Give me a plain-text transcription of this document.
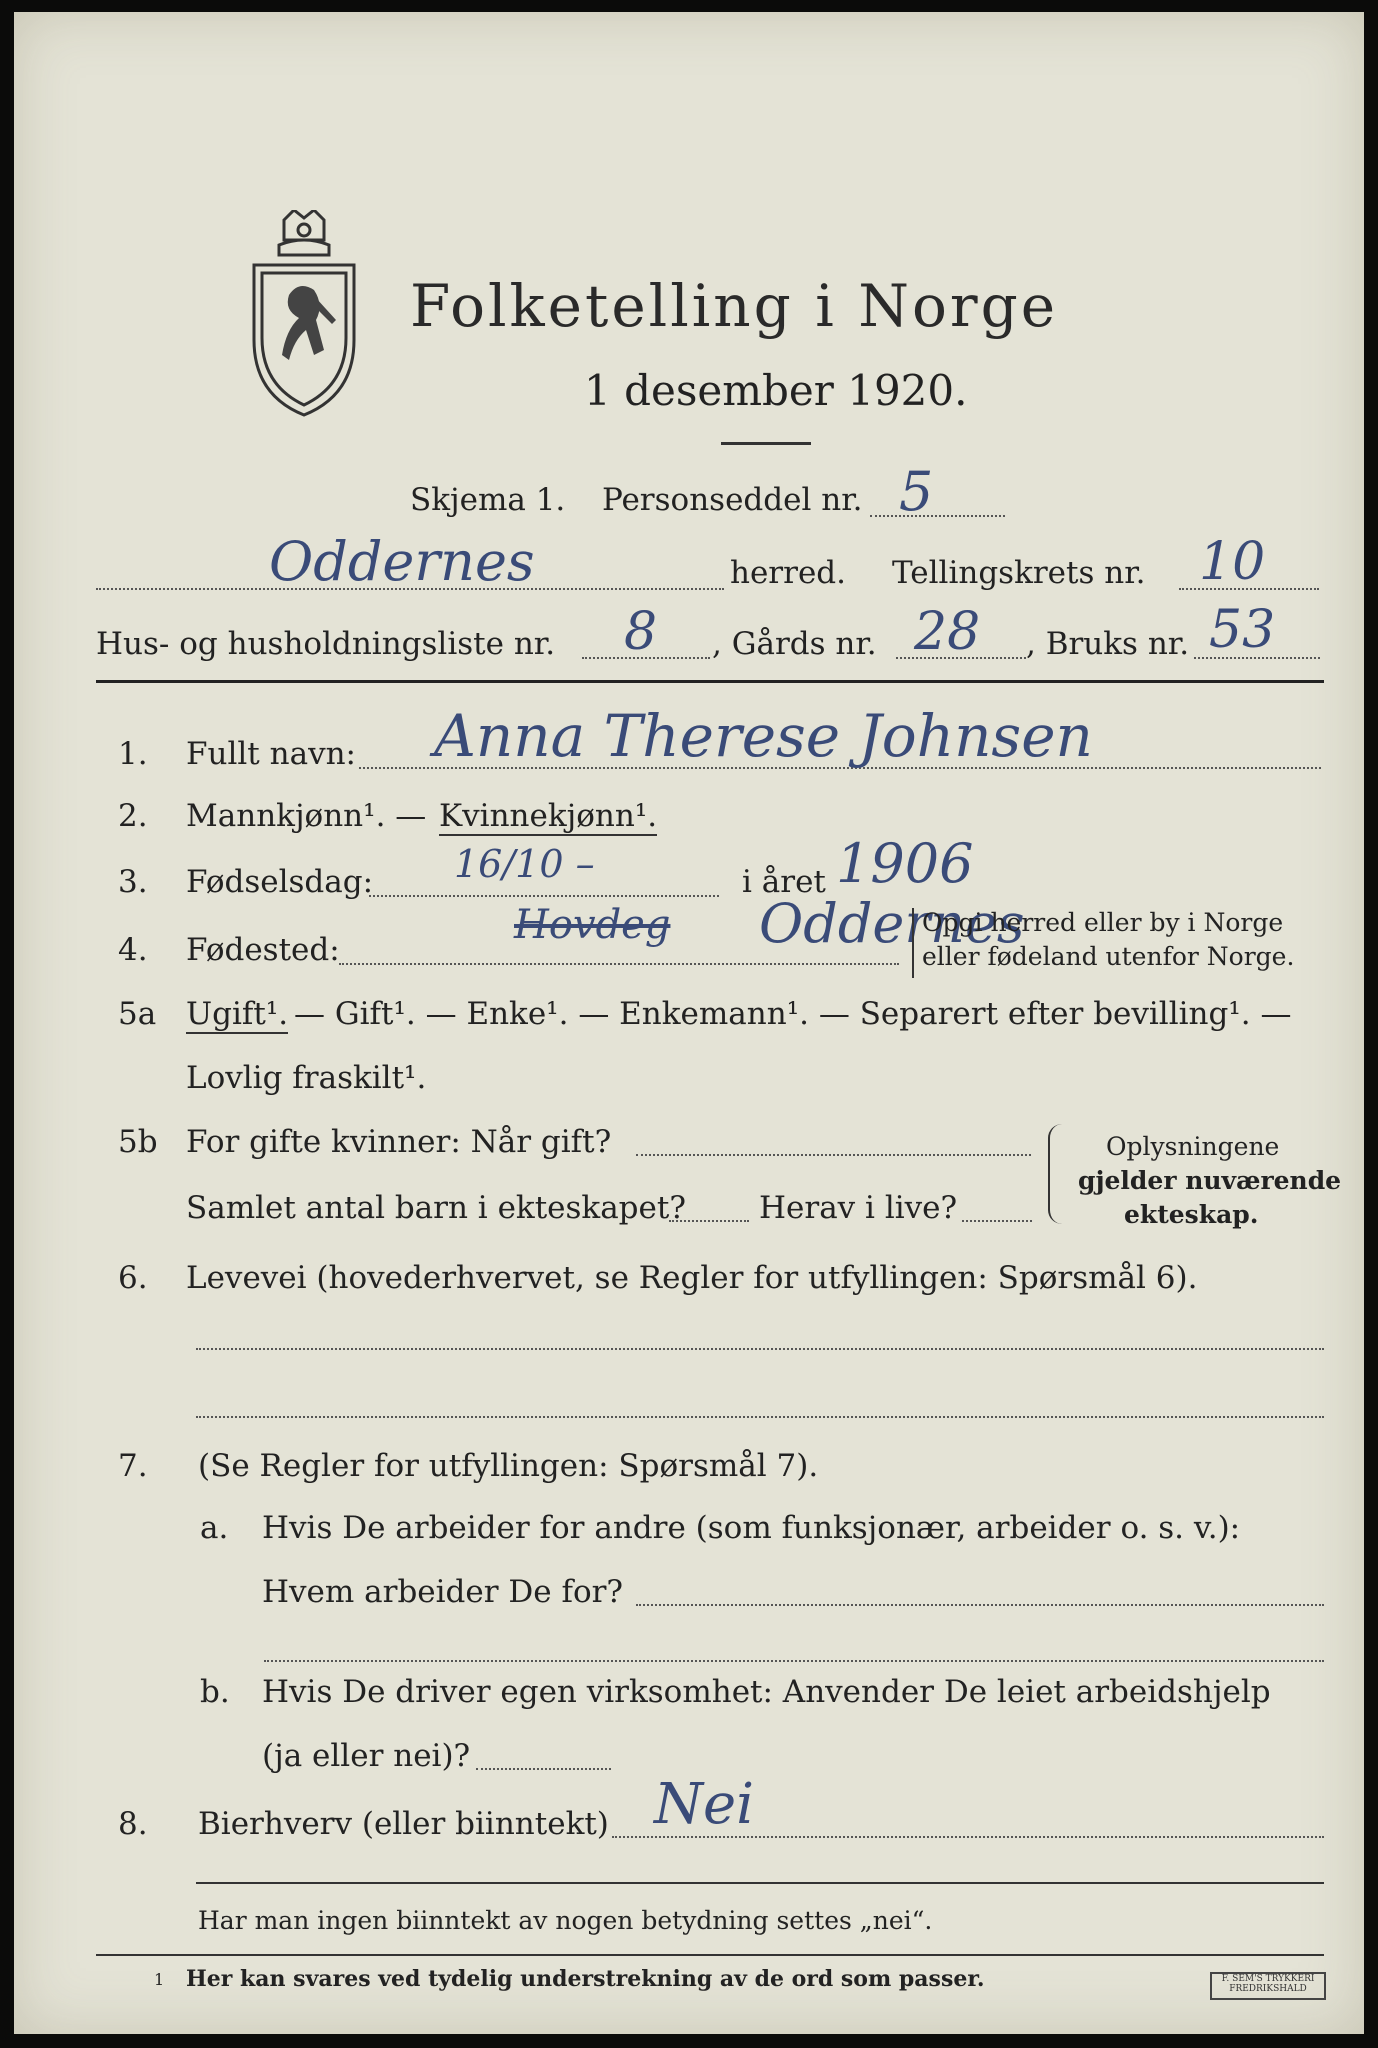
Folketelling i Norge
1 desember 1920.
Skjema 1. Personseddel nr. 5
Oddernes	herred. Tellingskrets nr. 10
Hus- og husholdningsliste nr. 8 , Gårds nr. 28 , Bruks nr. 53
1. Fullt navn: Anna Therese Johnsen
2. Mannkjønn¹. — Kvinnekjønn¹.
3. Fødselsdag: 16/10 –	i året 1906
4. Fødested:
Hovdeg Oddernes
Opgi herred eller by i Norge
eller fødeland utenfor Norge.
5a Ugift¹. — Gift¹. — Enke¹. — Enkemann¹. — Separert efter bevilling¹. —
Lovlig fraskilt¹.
5b For gifte kvinner: Når gift?
Samlet antal barn i ekteskapet? Herav i live?
Oplysningene
gjelder nuværende
ekteskap.
6. Levevei (hovederhvervet, se Regler for utfyllingen: Spørsmål 6).
7. (Se Regler for utfyllingen: Spørsmål 7).
a. Hvis De arbeider for andre (som funksjonær, arbeider o. s. v.):
Hvem arbeider De for?
b. Hvis De driver egen virksomhet: Anvender De leiet arbeidshjelp
(ja eller nei)?
8. Bierhverv (eller biinntekt) Nei
Har man ingen biinntekt av nogen betydning settes „nei“.
1 Her kan svares ved tydelig understrekning av de ord som passer.	F. SEM'S TRYKKERI FREDRIKSHALD
